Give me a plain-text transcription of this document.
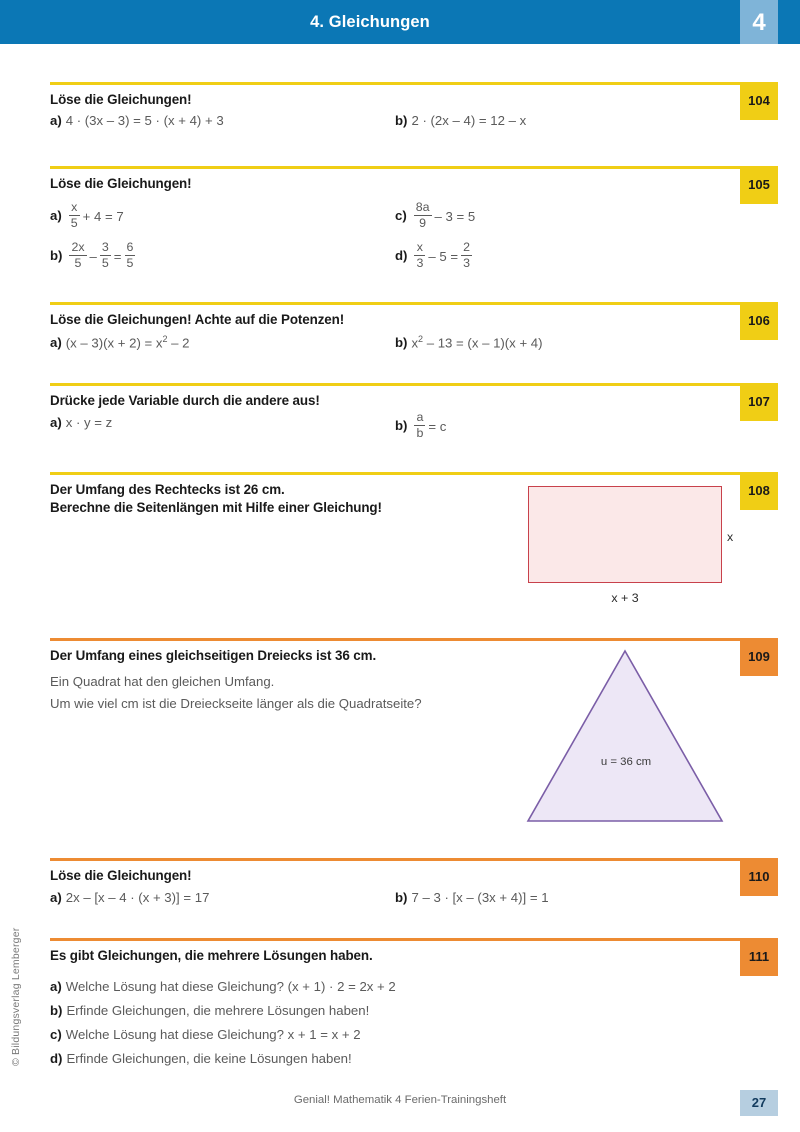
4. Gleichungen	4
© Bildungsverlag Lemberger
104
Löse die Gleichungen!
a) 4 · (3x – 3) = 5 · (x + 4) + 3	b) 2 · (2x – 4) = 12 – x
105
Löse die Gleichungen!
$a) \frac{x}{5} + 4 = 7$	$c) \frac{8a}{9} - 3 = 5$
$b) \frac{2x}{5} - \frac{3}{5} = \frac{6}{5}$	$d) \frac{x}{3} - 5 = \frac{2}{3}$
106
Löse die Gleichungen! Achte auf die Potenzen!
a) $(x - 3)(x + 2) = x^2 - 2$	b) $x^2 - 13 = (x - 1)(x + 4)$
107
Drücke jede Variable durch die andere aus!
a) x · y = z	$b) \frac{a}{b} = c$
108
Der Umfang des Rechtecks ist 26 cm.
Berechne die Seitenlängen mit Hilfe einer Gleichung!
x
x + 3
109
Der Umfang eines gleichseitigen Dreiecks ist 36 cm.
Ein Quadrat hat den gleichen Umfang.
Um wie viel cm ist die Dreieckseite länger als die Quadratseite?
u = 36 cm
110
Löse die Gleichungen!
a) 2x – [x – 4 · (x + 3)] = 17	b) 7 – 3 · [x – (3x + 4)] = 1
111
Es gibt Gleichungen, die mehrere Lösungen haben.
a) Welche Lösung hat diese Gleichung? (x + 1) · 2 = 2x + 2
b) Erfinde Gleichungen, die mehrere Lösungen haben!
c) Welche Lösung hat diese Gleichung? x + 1 = x + 2
d) Erfinde Gleichungen, die keine Lösungen haben!
Genial! Mathematik 4 Ferien-Trainingsheft	27
